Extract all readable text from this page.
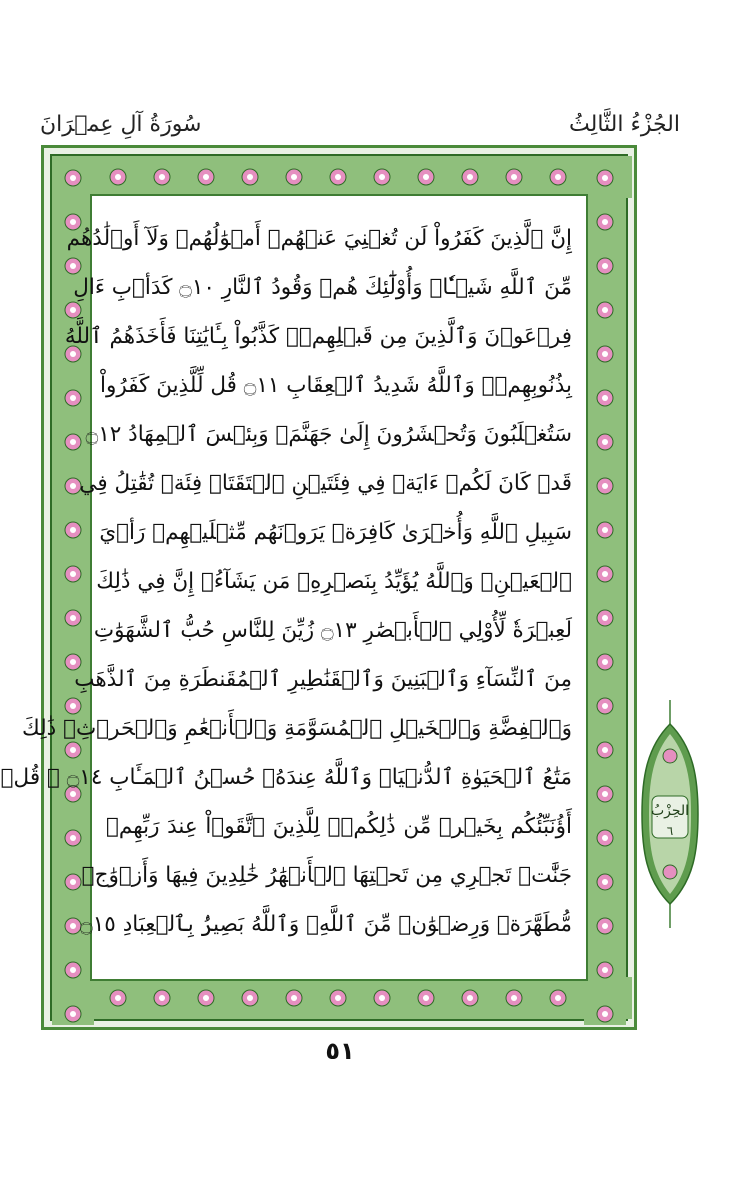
الجُزْءُ الثَّالِثُ
سُورَةُ آلِ عِمۡرَانَ
إِنَّ ٱلَّذِينَ كَفَرُواْ لَن تُغۡنِيَ عَنۡهُمۡ أَمۡوَٰلُهُمۡ وَلَآ أَوۡلَٰدُهُم
مِّنَ ٱللَّهِ شَيۡـٔٗاۖ وَأُوْلَٰٓئِكَ هُمۡ وَقُودُ ٱلنَّارِ ۝١٠ كَدَأۡبِ ءَالِ
فِرۡعَوۡنَ وَٱلَّذِينَ مِن قَبۡلِهِمۡۚ كَذَّبُواْ بِـَٔايَٰتِنَا فَأَخَذَهُمُ ٱللَّهُ
بِذُنُوبِهِمۡۗ وَٱللَّهُ شَدِيدُ ٱلۡعِقَابِ ۝١١ قُل لِّلَّذِينَ كَفَرُواْ
سَتُغۡلَبُونَ وَتُحۡشَرُونَ إِلَىٰ جَهَنَّمَۖ وَبِئۡسَ ٱلۡمِهَادُ ۝١٢
قَدۡ كَانَ لَكُمۡ ءَايَةٞ فِي فِئَتَيۡنِ ٱلۡتَقَتَاۖ فِئَةٞ تُقَٰتِلُ فِي
سَبِيلِ ٱللَّهِ وَأُخۡرَىٰ كَافِرَةٞ يَرَوۡنَهُم مِّثۡلَيۡهِمۡ رَأۡيَ
ٱلۡعَيۡنِۚ وَٱللَّهُ يُؤَيِّدُ بِنَصۡرِهِۦ مَن يَشَآءُۚ إِنَّ فِي ذَٰلِكَ
لَعِبۡرَةٗ لِّأُوْلِي ٱلۡأَبۡصَٰرِ ۝١٣ زُيِّنَ لِلنَّاسِ حُبُّ ٱلشَّهَوَٰتِ
مِنَ ٱلنِّسَآءِ وَٱلۡبَنِينَ وَٱلۡقَنَٰطِيرِ ٱلۡمُقَنطَرَةِ مِنَ ٱلذَّهَبِ
وَٱلۡفِضَّةِ وَٱلۡخَيۡلِ ٱلۡمُسَوَّمَةِ وَٱلۡأَنۡعَٰمِ وَٱلۡحَرۡثِۗ ذَٰلِكَ
مَتَٰعُ ٱلۡحَيَوٰةِ ٱلدُّنۡيَاۖ وَٱللَّهُ عِندَهُۥ حُسۡنُ ٱلۡمَـَٔابِ ۝١٤ ۞ قُلۡ
أَؤُنَبِّئُكُم بِخَيۡرٖ مِّن ذَٰلِكُمۡۖ لِلَّذِينَ ٱتَّقَوۡاْ عِندَ رَبِّهِمۡ
جَنَّٰتٞ تَجۡرِي مِن تَحۡتِهَا ٱلۡأَنۡهَٰرُ خَٰلِدِينَ فِيهَا وَأَزۡوَٰجٞ
مُّطَهَّرَةٞ وَرِضۡوَٰنٞ مِّنَ ٱللَّهِۗ وَٱللَّهُ بَصِيرُۢ بِٱلۡعِبَادِ ۝١٥
الحِزْبُ
٦
٥١
